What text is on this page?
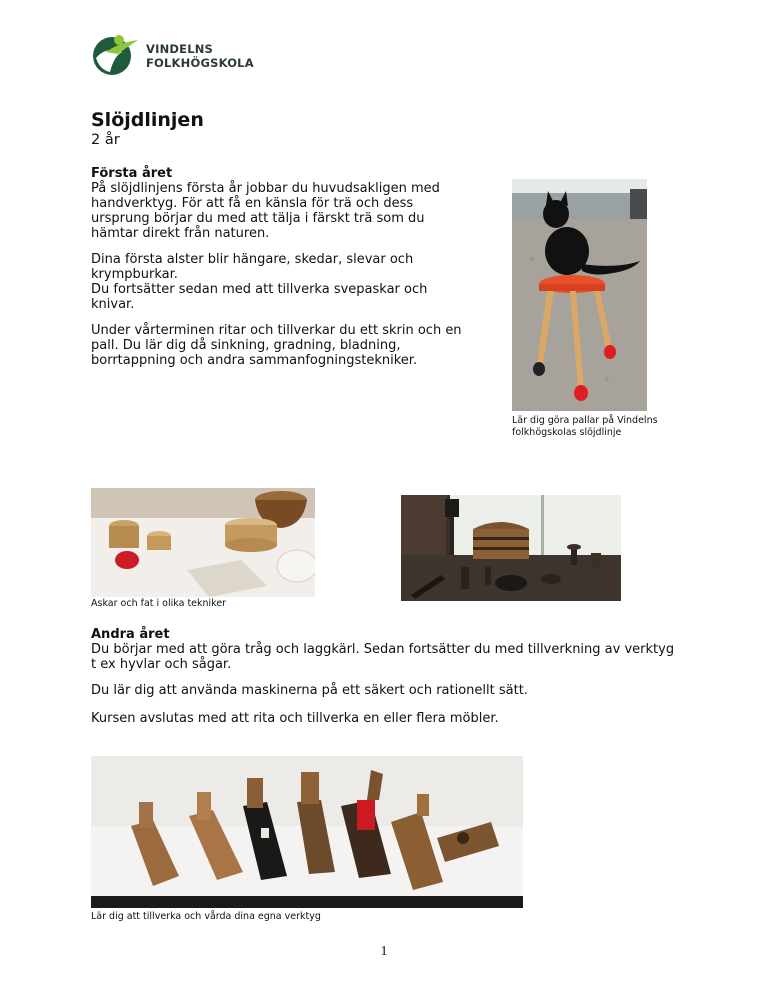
VINDELNS
FOLKHÖGSKOLA
Slöjdlinjen
2 år
Första året
På slöjdlinjens första år jobbar du huvudsakligen med
handverktyg. För att få en känsla för trä och dess
ursprung börjar du med att tälja i färskt trä som du
hämtar direkt från naturen.
Dina första alster blir hängare, skedar, slevar och
krympburkar.
Du fortsätter sedan med att tillverka svepaskar och
knivar.
Under vårterminen ritar och tillverkar du ett skrin och en
pall. Du lär dig då sinkning, gradning, bladning,
borrtappning och andra sammanfogningstekniker.
Lär dig göra pallar på Vindelns
folkhögskolas slöjdlinje
Askar och fat i olika tekniker
Andra året
Du börjar med att göra tråg och laggkärl. Sedan fortsätter du med tillverkning av verktyg
t ex hyvlar och sågar.
Du lär dig att använda maskinerna på ett säkert och rationellt sätt.
Kursen avslutas med att rita och tillverka en eller flera möbler.
Lär dig att tillverka och vårda dina egna verktyg
1
